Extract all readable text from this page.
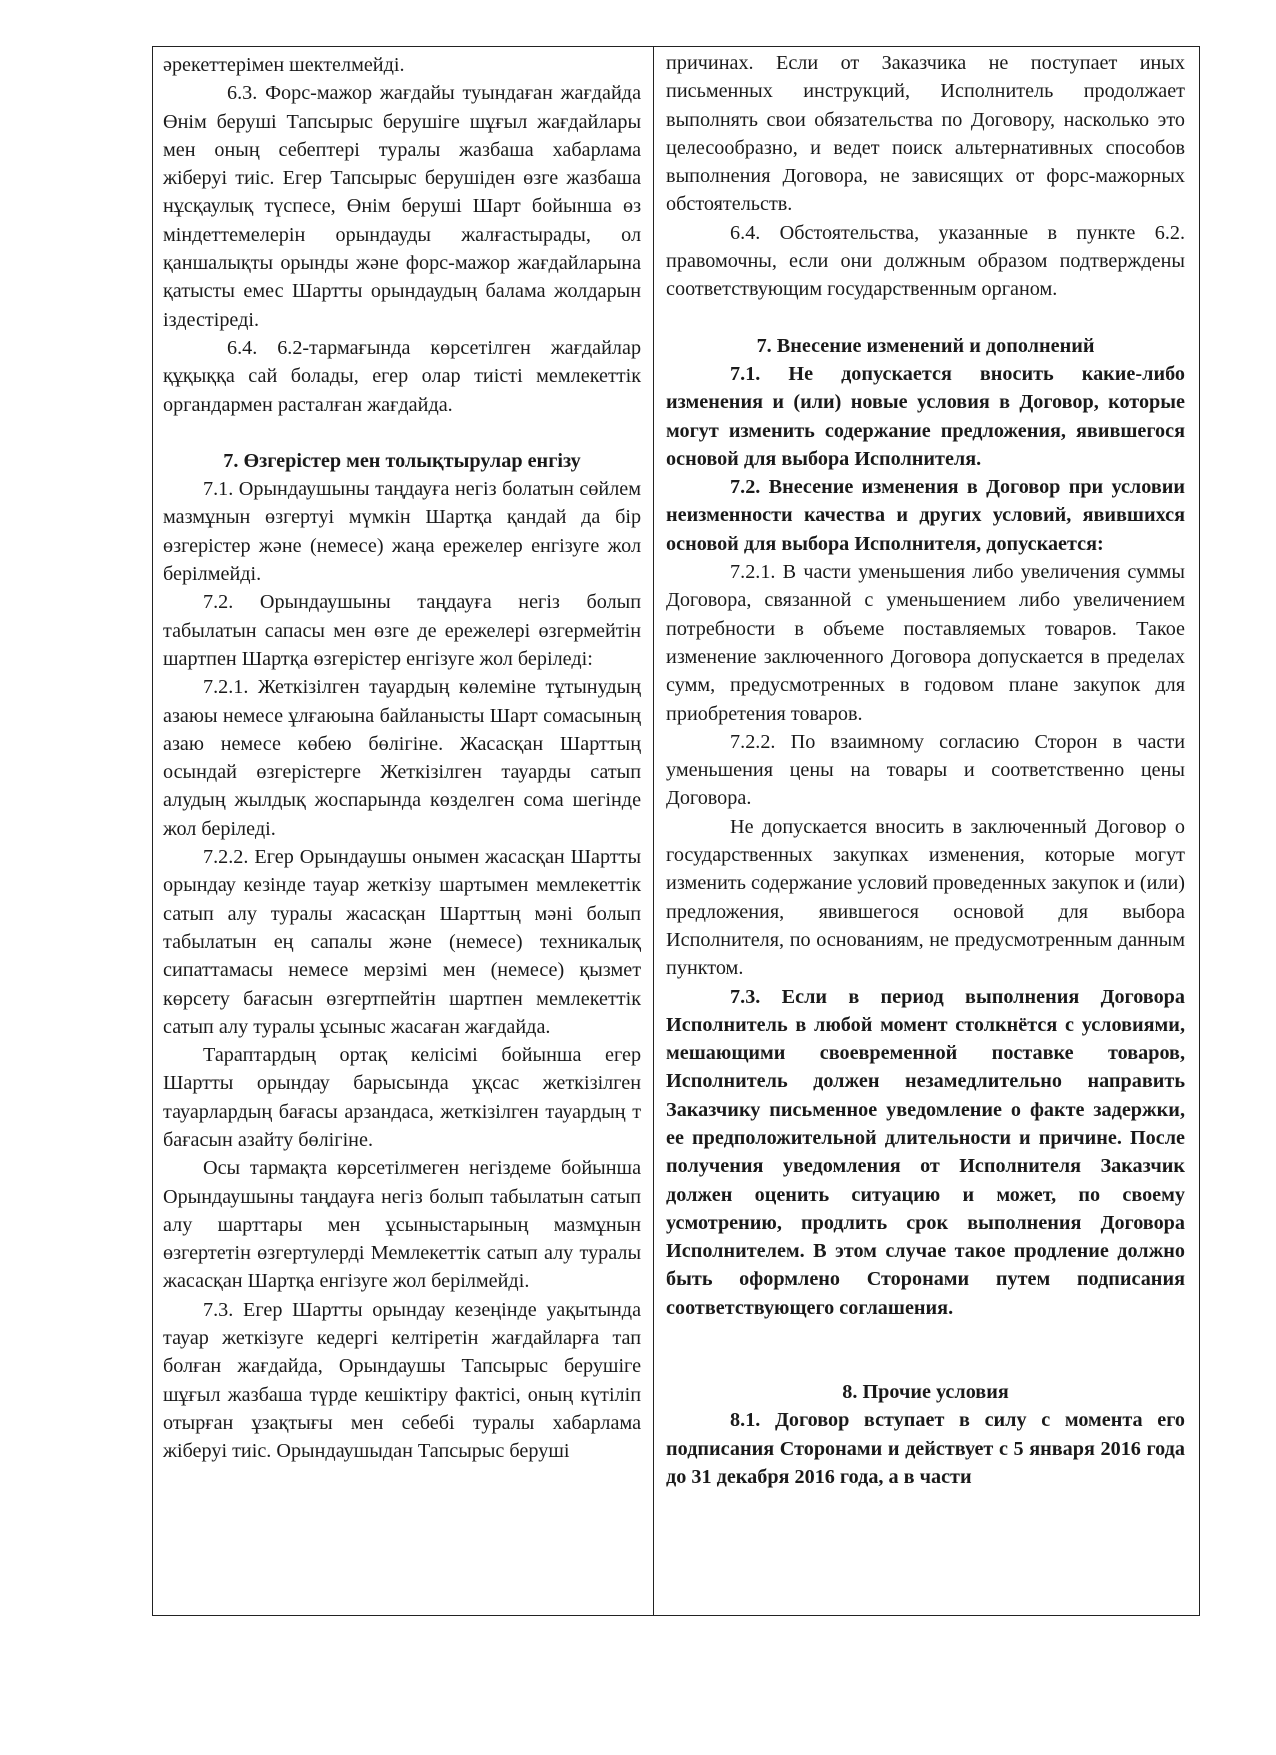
әрекеттерімен шектелмейді.

6.3. Форс-мажор жағдайы туындаған жағдайда Өнім беруші Тапсырыс берушіге шұғыл жағдайлары мен оның себептері туралы жазбаша хабарлама жіберуі тиіс. Егер Тапсырыс берушіден өзге жазбаша нұсқаулық түспесе, Өнім беруші Шарт бойынша өз міндеттемелерін орындауды жалғастырады, ол қаншалықты орынды және форс-мажор жағдайларына қатысты емес Шартты орындаудың балама жолдарын іздестіреді.

6.4. 6.2-тармағында көрсетілген жағдайлар құқыққа сай болады, егер олар тиісті мемлекеттік органдармен расталған жағдайда.

7. Өзгерістер мен толықтырулар енгізу

7.1. Орындаушыны таңдауға негіз болатын сөйлем мазмұнын өзгертуі мүмкін Шартқа қандай да бір өзгерістер және (немесе) жаңа ережелер енгізуге жол берілмейді.

7.2. Орындаушыны таңдауға негіз болып табылатын сапасы мен өзге де ережелері өзгермейтін шартпен Шартқа өзгерістер енгізуге жол беріледі:

7.2.1. Жеткізілген тауардың көлеміне тұтынудың азаюы немесе ұлғаюына байланысты Шарт сомасының азаю немесе көбею бөлігіне. Жасасқан Шарттың осындай өзгерістерге Жеткізілген тауарды сатып алудың жылдық жоспарында көзделген сома шегінде жол беріледі.

7.2.2. Егер Орындаушы онымен жасасқан Шартты орындау кезінде тауар жеткізу шартымен мемлекеттік сатып алу туралы жасасқан Шарттың мәні болып табылатын ең сапалы және (немесе) техникалық сипаттамасы немесе мерзімі мен (немесе) қызмет көрсету бағасын өзгертпейтін шартпен мемлекеттік сатып алу туралы ұсыныс жасаған жағдайда.

Тараптардың ортақ келісімі бойынша егер Шартты орындау барысында ұқсас жеткізілген тауарлардың бағасы арзандаса, жеткізілген тауардың т бағасын азайту бөлігіне.

Осы тармақта көрсетілмеген негіздеме бойынша Орындаушыны таңдауға негіз болып табылатын сатып алу шарттары мен ұсыныстарының мазмұнын өзгертетін өзгертулерді Мемлекеттік сатып алу туралы жасасқан Шартқа енгізуге жол берілмейді.

7.3. Егер Шартты орындау кезеңінде уақытында тауар жеткізуге кедергі келтіретін жағдайларға тап болған жағдайда, Орындаушы Тапсырыс берушіге шұғыл жазбаша түрде кешіктіру фактісі, оның күтіліп отырған ұзақтығы мен себебі туралы хабарлама жіберуі тиіс. Орындаушыдан Тапсырыс беруші

причинах. Если от Заказчика не поступает иных письменных инструкций, Исполнитель продолжает выполнять свои обязательства по Договору, насколько это целесообразно, и ведет поиск альтернативных способов выполнения Договора, не зависящих от форс-мажорных обстоятельств.

6.4. Обстоятельства, указанные в пункте 6.2. правомочны, если они должным образом подтверждены соответствующим государственным органом.

7. Внесение изменений и дополнений

7.1. Не допускается вносить какие-либо изменения и (или) новые условия в Договор, которые могут изменить содержание предложения, явившегося основой для выбора Исполнителя.

7.2. Внесение изменения в Договор при условии неизменности качества и других условий, явившихся основой для выбора Исполнителя, допускается:

7.2.1. В части уменьшения либо увеличения суммы Договора, связанной с уменьшением либо увеличением потребности в объеме поставляемых товаров. Такое изменение заключенного Договора допускается в пределах сумм, предусмотренных в годовом плане закупок для приобретения товаров.

7.2.2. По взаимному согласию Сторон в части уменьшения цены на товары и соответственно цены Договора.

Не допускается вносить в заключенный Договор о государственных закупках изменения, которые могут изменить содержание условий проведенных закупок и (или) предложения, явившегося основой для выбора Исполнителя, по основаниям, не предусмотренным данным пунктом.

7.3. Если в период выполнения Договора Исполнитель в любой момент столкнётся с условиями, мешающими своевременной поставке товаров, Исполнитель должен незамедлительно направить Заказчику письменное уведомление о факте задержки, ее предположительной длительности и причине. После получения уведомления от Исполнителя Заказчик должен оценить ситуацию и может, по своему усмотрению, продлить срок выполнения Договора Исполнителем. В этом случае такое продление должно быть оформлено Сторонами путем подписания соответствующего соглашения.

8. Прочие условия

8.1. Договор вступает в силу с момента его подписания Сторонами и действует с 5 января 2016 года до 31 декабря 2016 года, а в части
